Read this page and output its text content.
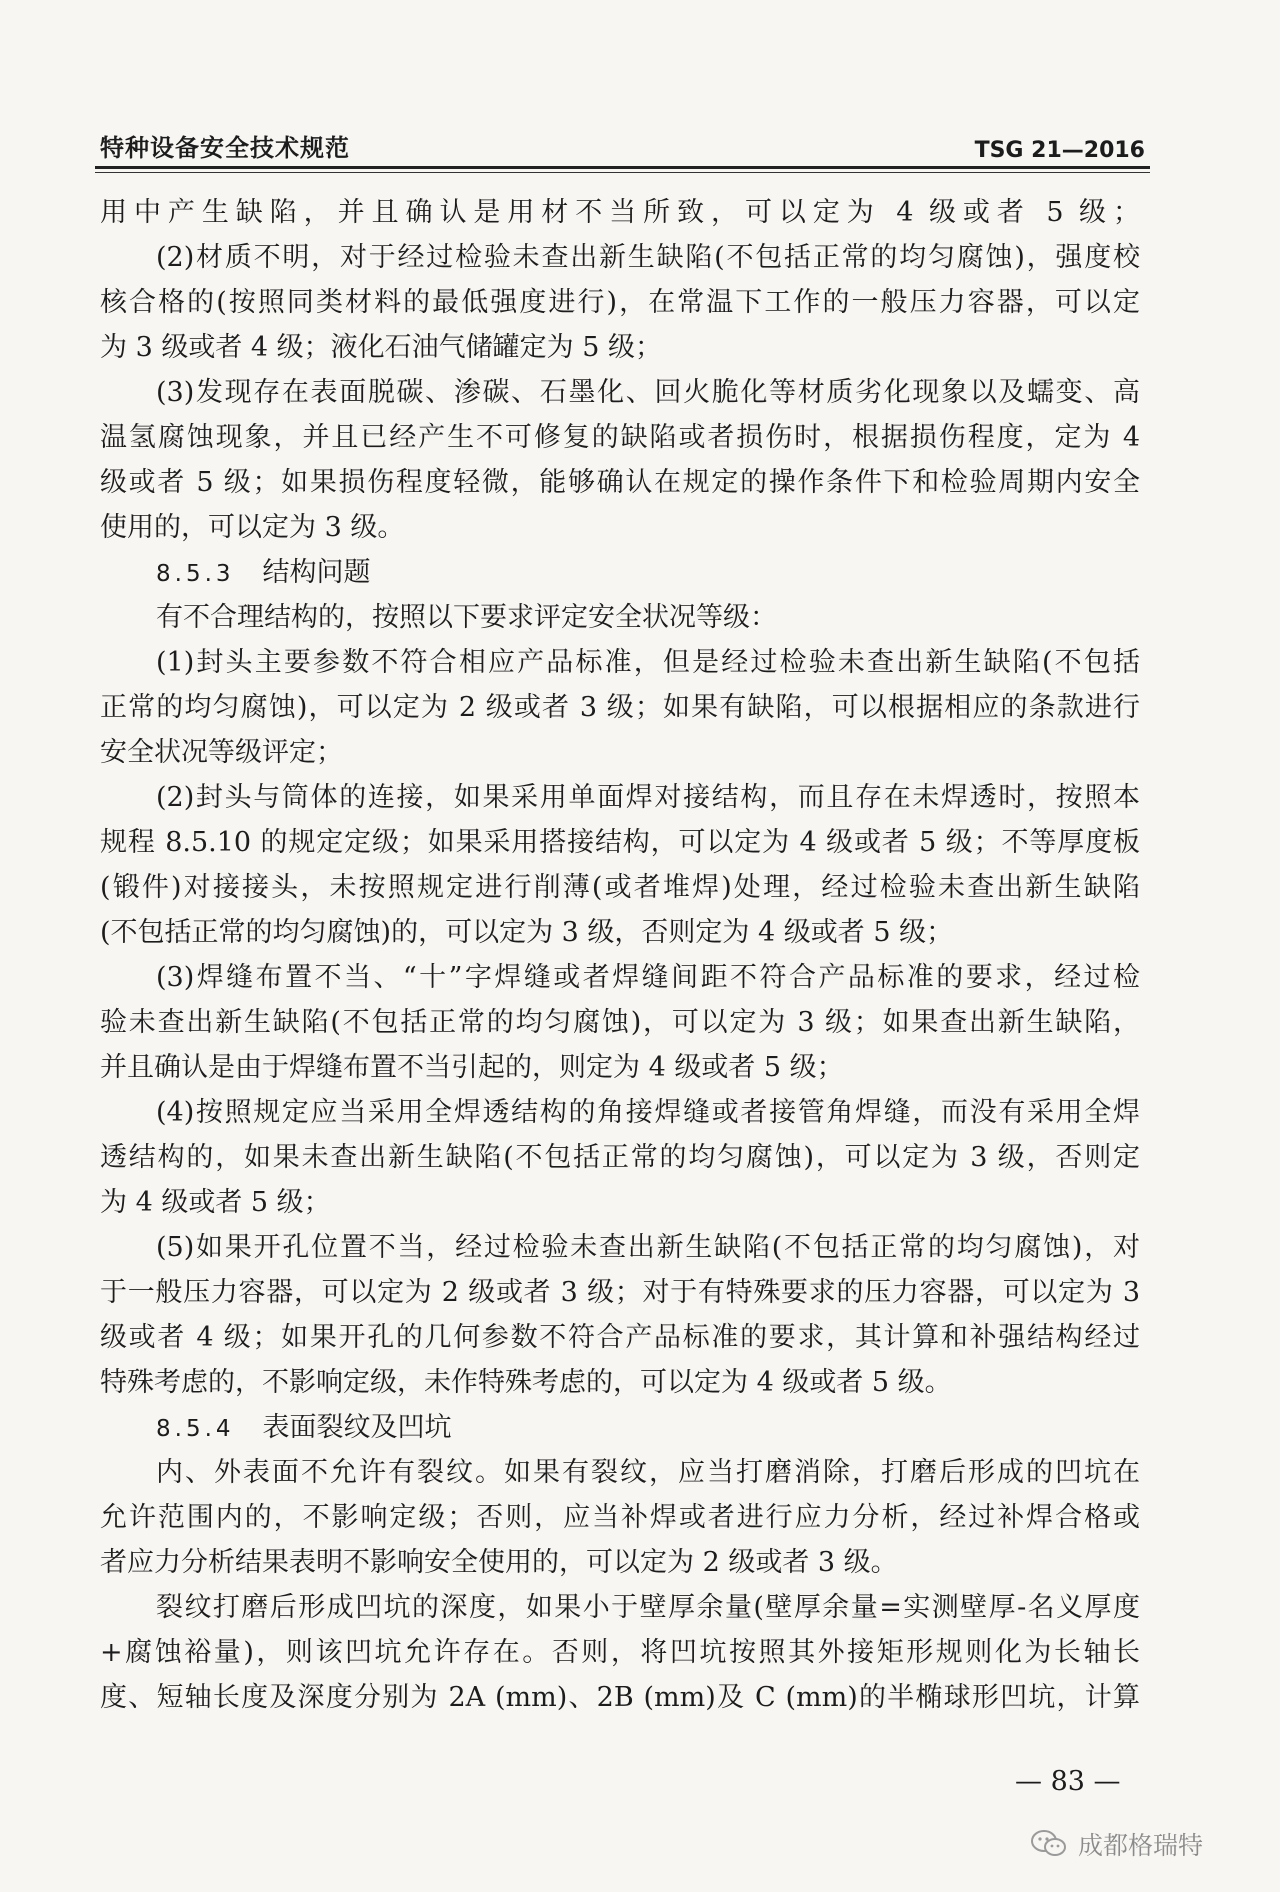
特种设备安全技术规范	TSG 21—2016
用中产生缺陷，并且确认是用材不当所致，可以定为 4 级或者 5 级；
(2)材质不明，对于经过检验未查出新生缺陷(不包括正常的均匀腐蚀)，强度校
核合格的(按照同类材料的最低强度进行)，在常温下工作的一般压力容器，可以定
为 3 级或者 4 级；液化石油气储罐定为 5 级；
(3)发现存在表面脱碳、渗碳、石墨化、回火脆化等材质劣化现象以及蠕变、高
温氢腐蚀现象，并且已经产生不可修复的缺陷或者损伤时，根据损伤程度，定为 4
级或者 5 级；如果损伤程度轻微，能够确认在规定的操作条件下和检验周期内安全
使用的，可以定为 3 级。
8.5.3 结构问题
有不合理结构的，按照以下要求评定安全状况等级：
(1)封头主要参数不符合相应产品标准，但是经过检验未查出新生缺陷(不包括
正常的均匀腐蚀)，可以定为 2 级或者 3 级；如果有缺陷，可以根据相应的条款进行
安全状况等级评定；
(2)封头与筒体的连接，如果采用单面焊对接结构，而且存在未焊透时，按照本
规程 8.5.10 的规定定级；如果采用搭接结构，可以定为 4 级或者 5 级；不等厚度板
(锻件)对接接头，未按照规定进行削薄(或者堆焊)处理，经过检验未查出新生缺陷
(不包括正常的均匀腐蚀)的，可以定为 3 级，否则定为 4 级或者 5 级；
(3)焊缝布置不当、“十”字焊缝或者焊缝间距不符合产品标准的要求，经过检
验未查出新生缺陷(不包括正常的均匀腐蚀)，可以定为 3 级；如果查出新生缺陷，
并且确认是由于焊缝布置不当引起的，则定为 4 级或者 5 级；
(4)按照规定应当采用全焊透结构的角接焊缝或者接管角焊缝，而没有采用全焊
透结构的，如果未查出新生缺陷(不包括正常的均匀腐蚀)，可以定为 3 级，否则定
为 4 级或者 5 级；
(5)如果开孔位置不当，经过检验未查出新生缺陷(不包括正常的均匀腐蚀)，对
于一般压力容器，可以定为 2 级或者 3 级；对于有特殊要求的压力容器，可以定为 3
级或者 4 级；如果开孔的几何参数不符合产品标准的要求，其计算和补强结构经过
特殊考虑的，不影响定级，未作特殊考虑的，可以定为 4 级或者 5 级。
8.5.4 表面裂纹及凹坑
内、外表面不允许有裂纹。如果有裂纹，应当打磨消除，打磨后形成的凹坑在
允许范围内的，不影响定级；否则，应当补焊或者进行应力分析，经过补焊合格或
者应力分析结果表明不影响安全使用的，可以定为 2 级或者 3 级。
裂纹打磨后形成凹坑的深度，如果小于壁厚余量(壁厚余量=实测壁厚-名义厚度
+腐蚀裕量)，则该凹坑允许存在。否则，将凹坑按照其外接矩形规则化为长轴长
度、短轴长度及深度分别为 2A (mm)、2B (mm)及 C (mm)的半椭球形凹坑，计算
— 83 —
成都格瑞特
